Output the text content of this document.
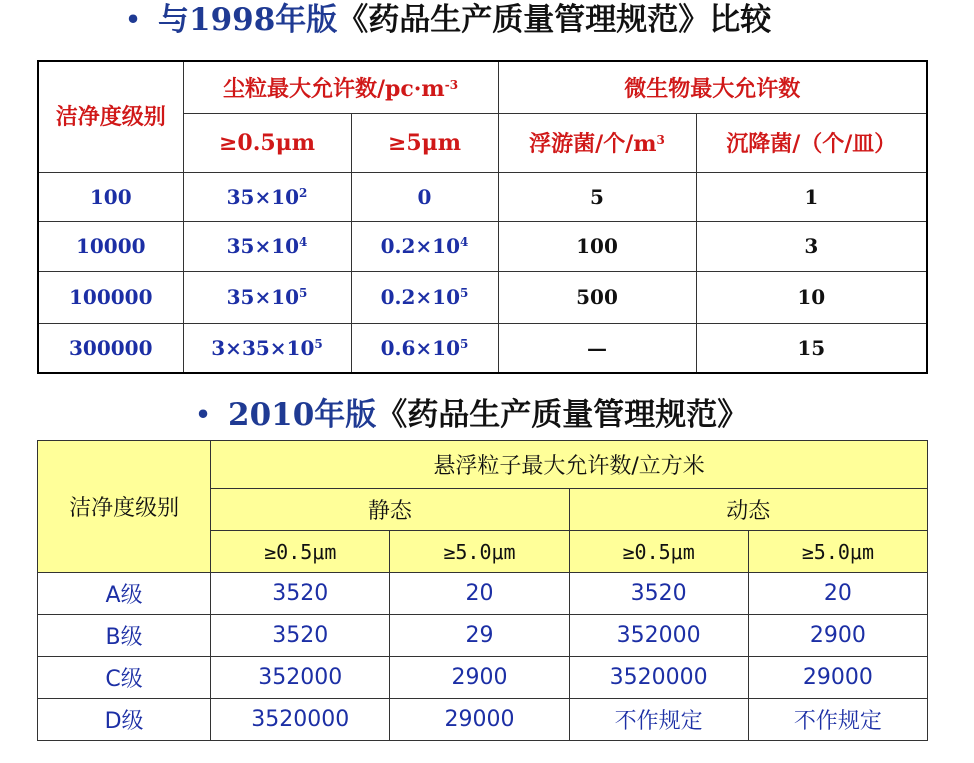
• 与1998年版《药品生产质量管理规范》比较
洁净度级别	尘粒最大允许数$/pc\cdot m^{-3}$		微生物最大允许数	
	≥0.5μm	≥5μm	浮游菌/个$/m^3$	沉降菌/（个/皿）
100	$35\times 10^2$	0	5	1
10000	$35\times 10^4$	$0.2\times 10^4$	100	3
100000	$35\times 10^5$	$0.2\times 10^5$	500	10
300000	$3\times 35\times 10^5$	$0.6\times 10^5$	—	15
• 2010年版《药品生产质量管理规范》
洁净度级别	悬浮粒子最大允许数/立方米			
	静态		动态	
	≥0.5μm	≥5.0μm	≥0.5μm	≥5.0μm
A级	3520	20	3520	20
B级	3520	29	352000	2900
C级	352000	2900	3520000	29000
D级	3520000	29000	不作规定	不作规定
